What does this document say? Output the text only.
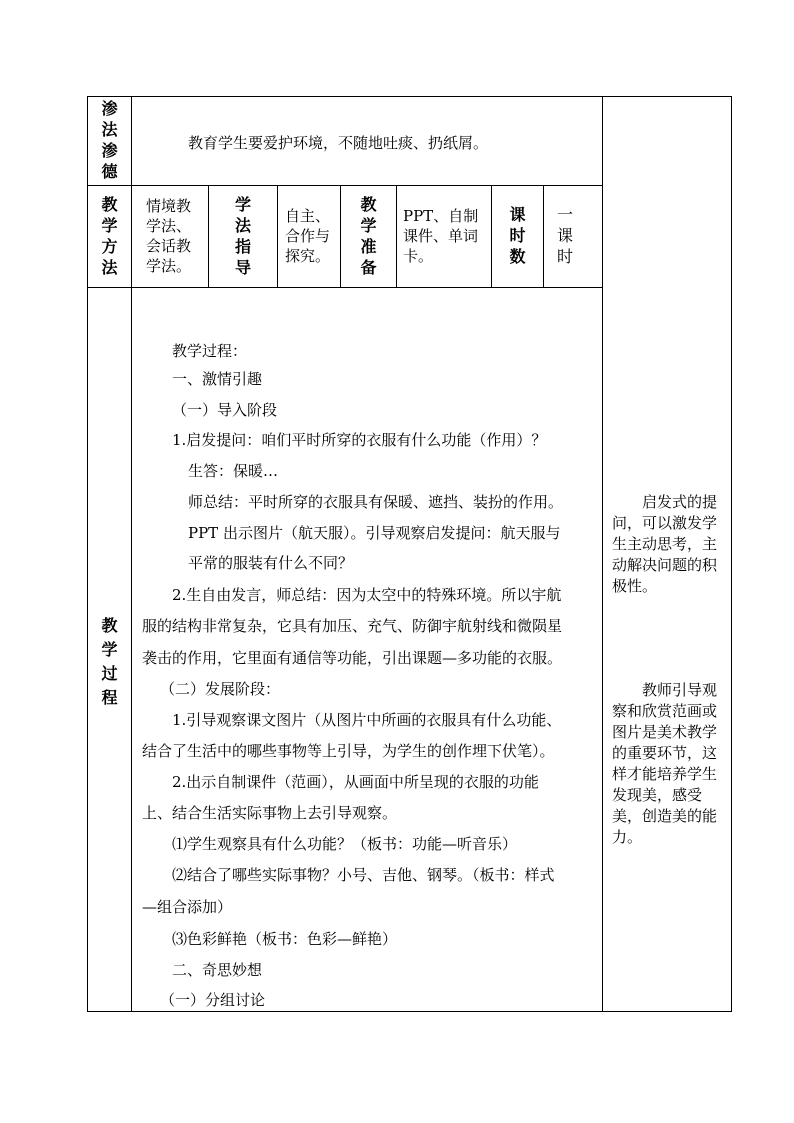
渗
法
渗
德
教育学生要爱护环境，不随地吐痰、扔纸屑。
教
学
方
法
情境教
学法、
会话教
学法。
学
法
指
导
自主、
合作与
探究。
教
学
准
备
PPT、自制
课件、单词
卡。
课
时
数
一
课
时
教
学
过
程

教学过程：

一、激情引趣

（一）导入阶段

1.启发提问：咱们平时所穿的衣服有什么功能（作用）？

生答：保暖…

师总结：平时所穿的衣服具有保暖、遮挡、装扮的作用。

PPT 出示图片（航天服）。引导观察启发提问：航天服与

平常的服装有什么不同？

2.生自由发言，师总结：因为太空中的特殊环境。所以宇航

服的结构非常复杂，它具有加压、充气、防御宇航射线和微陨星

袭击的作用，它里面有通信等功能，引出课题—多功能的衣服。

（二）发展阶段：

1.引导观察课文图片（从图片中所画的衣服具有什么功能、

结合了生活中的哪些事物等上引导，为学生的创作埋下伏笔）。

2.出示自制课件（范画），从画面中所呈现的衣服的功能

上、结合生活实际事物上去引导观察。

⑴学生观察具有什么功能？（板书：功能—听音乐）

⑵结合了哪些实际事物？小号、吉他、钢琴。（板书：样式

—组合添加）

⑶色彩鲜艳（板书：色彩—鲜艳）

二、奇思妙想

（一）分组讨论

　　启发式的提

问，可以激发学

生主动思考，主

动解决问题的积

极性。

　　教师引导观

察和欣赏范画或

图片是美术教学

的重要环节，这

样才能培养学生

发现美，感受

美，创造美的能

力。
